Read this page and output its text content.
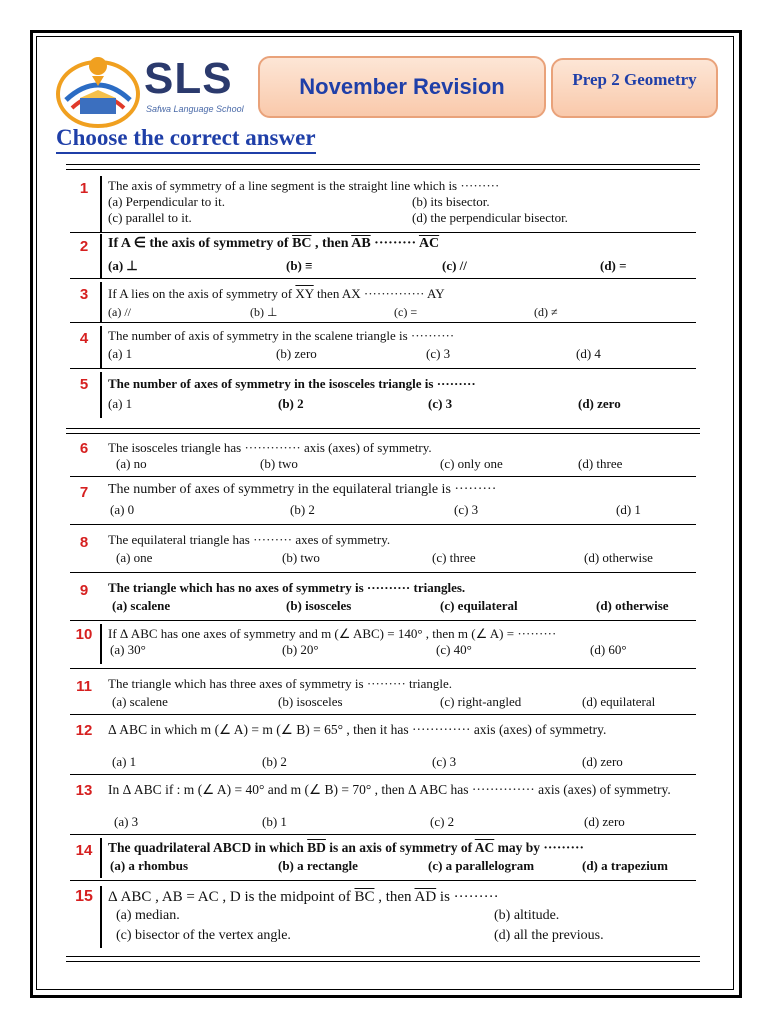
SLS
Safwa Language School
November Revision	Prep 2 Geometry
Choose the correct answer
1	The axis of symmetry of a line segment is the straight line which is ·········
(a) Perpendicular to it.	(b) its bisector.
(c) parallel to it.	(d) the perpendicular bisector.
2	If A ∈ the axis of symmetry of $\overline{BC}$ , then $\overline{AB}$ ········· $\overline{AC}$
(a) ⊥	(b) ≡	(c) //	(d) =
3	If A lies on the axis of symmetry of $\overline{XY}$ then AX ·············· AY
(a) //	(b) ⊥	(c) =	(d) ≠
4	The number of axis of symmetry in the scalene triangle is ··········
(a) 1	(b) zero	(c) 3	(d) 4
5	The number of axes of symmetry in the isosceles triangle is ·········
(a) 1	(b) 2	(c) 3	(d) zero
6	The isosceles triangle has ············· axis (axes) of symmetry.
(a) no	(b) two	(c) only one	(d) three
7	The number of axes of symmetry in the equilateral triangle is ·········
(a) 0	(b) 2	(c) 3	(d) 1
8	The equilateral triangle has ········· axes of symmetry.
(a) one	(b) two	(c) three	(d) otherwise
9	The triangle which has no axes of symmetry is ·········· triangles.
(a) scalene	(b) isosceles	(c) equilateral	(d) otherwise
10	If Δ ABC has one axes of symmetry and m (∠ ABC) = 140° , then m (∠ A) = ·········
(a) 30°	(b) 20°	(c) 40°	(d) 60°
11	The triangle which has three axes of symmetry is ········· triangle.
(a) scalene	(b) isosceles	(c) right-angled	(d) equilateral
12	Δ ABC in which m (∠ A) = m (∠ B) = 65° , then it has ············· axis (axes) of symmetry.
(a) 1	(b) 2	(c) 3	(d) zero
13	In Δ ABC if : m (∠ A) = 40° and m (∠ B) = 70° , then Δ ABC has ·············· axis (axes) of symmetry.
(a) 3	(b) 1	(c) 2	(d) zero
14	The quadrilateral ABCD in which $\overline{BD}$ is an axis of symmetry of $\overline{AC}$ may by ·········
(a) a rhombus	(b) a rectangle	(c) a parallelogram	(d) a trapezium
15	Δ ABC , AB = AC , D is the midpoint of $\overline{BC}$ , then $\overline{AD}$ is ·········
(a) median.	(b) altitude.
(c) bisector of the vertex angle.	(d) all the previous.
